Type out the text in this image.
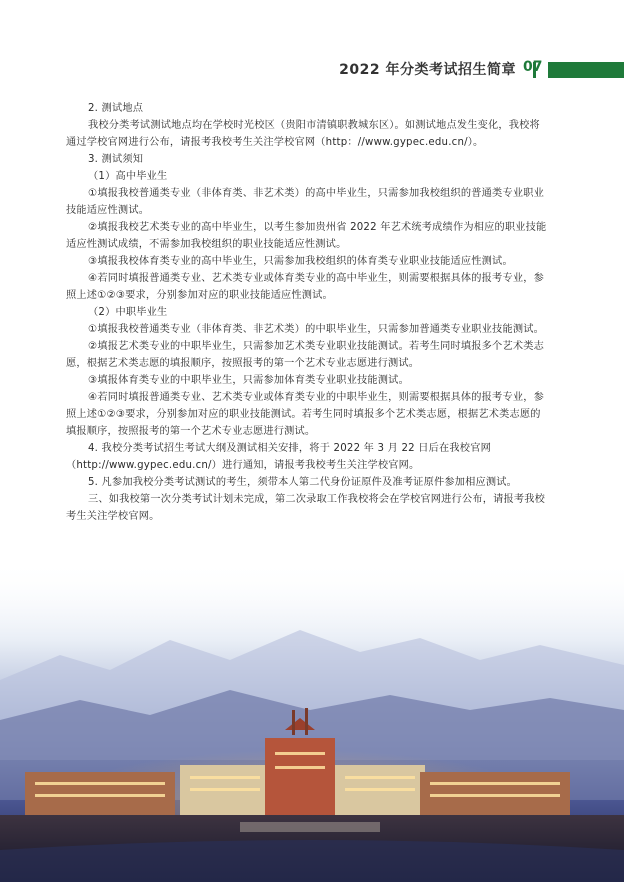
2022 年分类考试招生简章 07

2. 测试地点

我校分类考试测试地点均在学校时光校区（贵阳市清镇职教城东区）。如测试地点发生变化，我校将通过学校官网进行公布，请报考我校考生关注学校官网（http：//www.gypec.edu.cn/）。

3. 测试须知

（1）高中毕业生

①填报我校普通类专业（非体育类、非艺术类）的高中毕业生，只需参加我校组织的普通类专业职业技能适应性测试。

②填报我校艺术类专业的高中毕业生，以考生参加贵州省 2022 年艺术统考成绩作为相应的职业技能适应性测试成绩，不需参加我校组织的职业技能适应性测试。

③填报我校体育类专业的高中毕业生，只需参加我校组织的体育类专业职业技能适应性测试。

④若同时填报普通类专业、艺术类专业或体育类专业的高中毕业生，则需要根据具体的报考专业，参照上述①②③要求，分别参加对应的职业技能适应性测试。

（2）中职毕业生

①填报我校普通类专业（非体育类、非艺术类）的中职毕业生，只需参加普通类专业职业技能测试。

②填报艺术类专业的中职毕业生，只需参加艺术类专业职业技能测试。若考生同时填报多个艺术类志愿，根据艺术类志愿的填报顺序，按照报考的第一个艺术专业志愿进行测试。

③填报体育类专业的中职毕业生，只需参加体育类专业职业技能测试。

④若同时填报普通类专业、艺术类专业或体育类专业的中职毕业生，则需要根据具体的报考专业，参照上述①②③要求，分别参加对应的职业技能测试。若考生同时填报多个艺术类志愿，根据艺术类志愿的填报顺序，按照报考的第一个艺术专业志愿进行测试。

4. 我校分类考试招生考试大纲及测试相关安排，将于 2022 年 3 月 22 日后在我校官网（http://www.gypec.edu.cn/）进行通知，请报考我校考生关注学校官网。

5. 凡参加我校分类考试测试的考生，须带本人第二代身份证原件及准考证原件参加相应测试。

三、如我校第一次分类考试计划未完成，第二次录取工作我校将会在学校官网进行公布，请报考我校考生关注学校官网。
